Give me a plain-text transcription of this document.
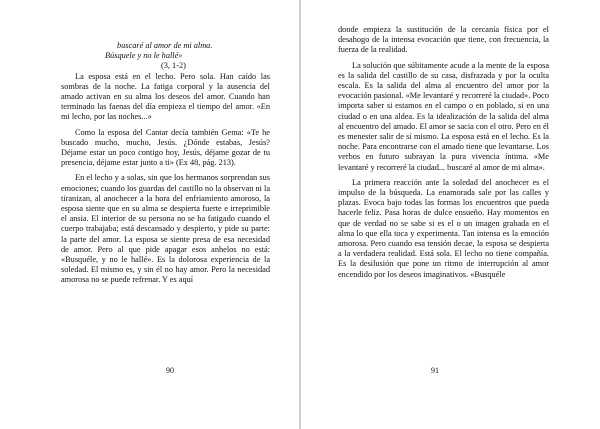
buscaré al amor de mi alma.
Búsquele y no le hallé»
(3, 1-2)

La esposa está en el lecho. Pero sola. Han caído las sombras de la noche. La fatiga corporal y la ausencia del amado activan en su alma los deseos del amor. Cuando han terminado las faenas del día empieza el tiempo del amor. «En mi lecho, por las noches...»

Como la esposa del Cantar decía también Gema: «Te he buscado mucho, mucho, Jesús. ¿Dónde estabas, Jesús? Déjame estar un poco contigo hoy, Jesús, déjame gozar de tu presencia, déjame estar junto a ti» (Ex 48, pág. 213).

En el lecho y a solas, sin que los hermanos sorprendan sus emociones; cuando los guardas del castillo no la observan ni la tiranizan, al anochecer a la hora del enfriamiento amoroso, la esposa siente que en su alma se despierta fuerte e irreprimible el ansia. El interior de su persona no se ha fatigado cuando el cuerpo trabajaba; está descansado y despierto, y pide su parte: la parte del amor. La esposa se siente presa de esa necesidad de amor. Pero al que pide apagar esos anhelos no está: «Busquéle, y no le hallé». Es la dolorosa experiencia de la soledad. El mismo es, y sin él no hay amor. Pero la necesidad amorosa no se puede refrenar. Y es aquí

90

donde empieza la sustitución de la cercanía física por el desahogo de la intensa evocación que tiene, con frecuencia, la fuerza de la realidad.

La solución que súbitamente acude a la mente de la esposa es la salida del castillo de su casa, disfrazada y por la oculta escala. Es la salida del alma al encuentro del amor por la evocación pasional. «Me levantaré y recorreré la ciudad». Poco importa saber si estamos en el campo o en poblado, si en una ciudad o en una aldea. Es la idealización de la salida del alma al encuentro del amado. El amor se sacia con el otro. Pero en él es menester salir de sí mismo. La esposa está en el lecho. Es la noche. Para encontrarse con el amado tiene que levantarse. Los verbos en futuro subrayan la pura vivencia íntima. «Me levantaré y recorreré la ciudad... buscaré al amor de mi alma».

La primera reacción ante la soledad del anochecer es el impulso de la búsqueda. La enamorada sale por las calles y plazas. Evoca bajo todas las formas los encuentros que pueda hacerle feliz. Pasa horas de dulce ensueño. Hay momentos en que de verdad no se sabe si es el o un imagen grabada en el alma lo que ella toca y experimenta. Tan intensa es la emoción amorosa. Pero cuando esa tensión decae, la esposa se despierta a la verdadera realidad. Está sola. El lecho no tiene compañía. Es la desilusión que pone un ritmo de interrupción al amor encendido por los deseos imaginativos. «Busquéle

91
